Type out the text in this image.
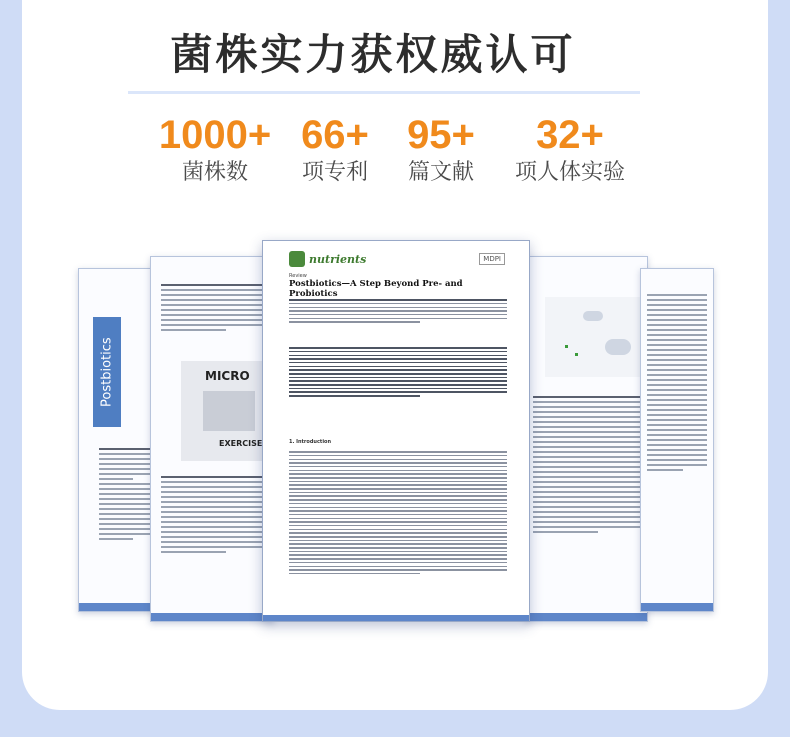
菌株实力获权威认可
1000+
菌株数
66+
项专利
95+
篇文献
32+
项人体实验
Postbiotics	MICRO
EXERCISE
nutrients	MDPI
Review
Postbiotics—A Step Beyond Pre- and Probiotics
1. Introduction
